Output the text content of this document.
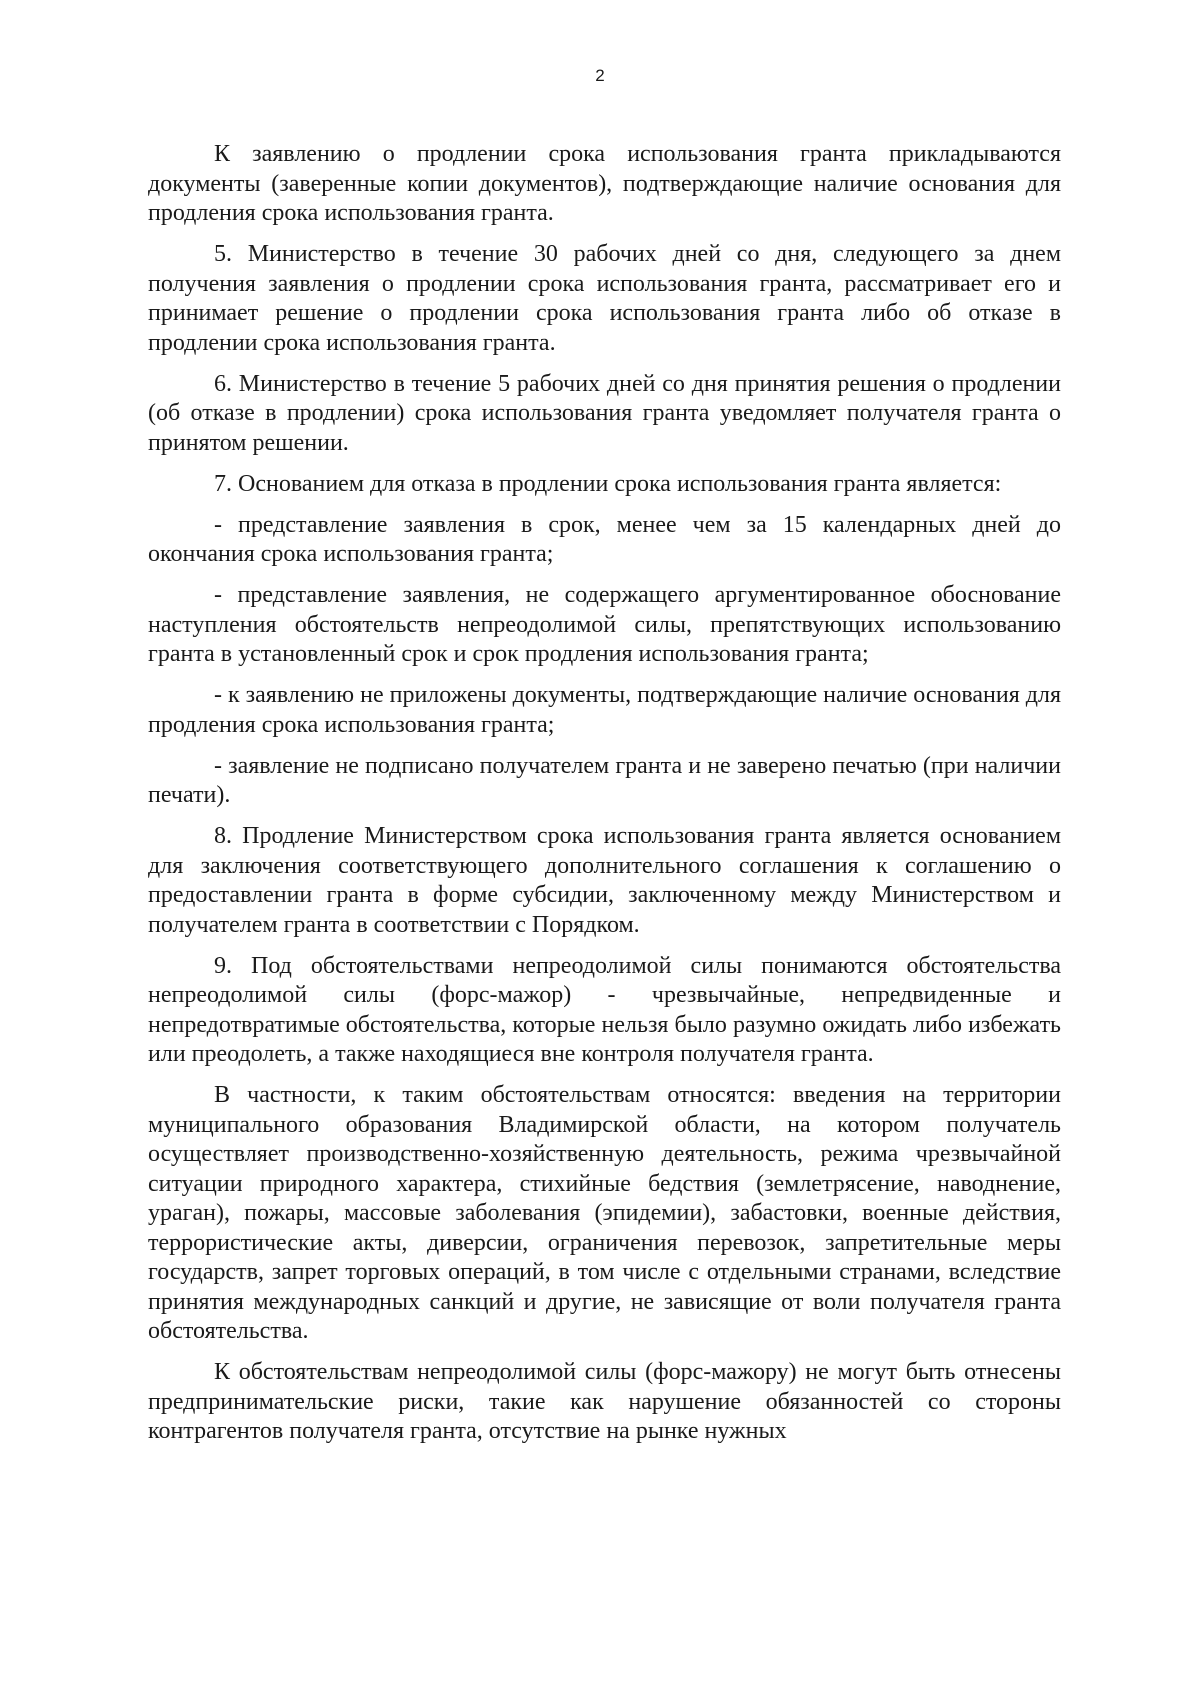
2

К заявлению о продлении срока использования гранта прикладываются документы (заверенные копии документов), подтверждающие наличие основания для продления срока использования гранта.

5. Министерство в течение 30 рабочих дней со дня, следующего за днем получения заявления о продлении срока использования гранта, рассматривает его и принимает решение о продлении срока использования гранта либо об отказе в продлении срока использования гранта.

6. Министерство в течение 5 рабочих дней со дня принятия решения о продлении (об отказе в продлении) срока использования гранта уведомляет получателя гранта о принятом решении.

7. Основанием для отказа в продлении срока использования гранта является:

- представление заявления в срок, менее чем за 15 календарных дней до окончания срока использования гранта;

- представление заявления, не содержащего аргументированное обоснование наступления обстоятельств непреодолимой силы, препятствующих использованию гранта в установленный срок и срок продления использования гранта;

- к заявлению не приложены документы, подтверждающие наличие основания для продления срока использования гранта;

- заявление не подписано получателем гранта и не заверено печатью (при наличии печати).

8. Продление Министерством срока использования гранта является основанием для заключения соответствующего дополнительного соглашения к соглашению о предоставлении гранта в форме субсидии, заключенному между Министерством и получателем гранта в соответствии с Порядком.

9. Под обстоятельствами непреодолимой силы понимаются обстоятельства непреодолимой силы (форс-мажор) - чрезвычайные, непредвиденные и непредотвратимые обстоятельства, которые нельзя было разумно ожидать либо избежать или преодолеть, а также находящиеся вне контроля получателя гранта.

В частности, к таким обстоятельствам относятся: введения на территории муниципального образования Владимирской области, на котором получатель осуществляет производственно-хозяйственную деятельность, режима чрезвычайной ситуации природного характера, стихийные бедствия (землетрясение, наводнение, ураган), пожары, массовые заболевания (эпидемии), забастовки, военные действия, террористические акты, диверсии, ограничения перевозок, запретительные меры государств, запрет торговых операций, в том числе с отдельными странами, вследствие принятия международных санкций и другие, не зависящие от воли получателя гранта обстоятельства.

К обстоятельствам непреодолимой силы (форс-мажору) не могут быть отнесены предпринимательские риски, такие как нарушение обязанностей со стороны контрагентов получателя гранта, отсутствие на рынке нужных
